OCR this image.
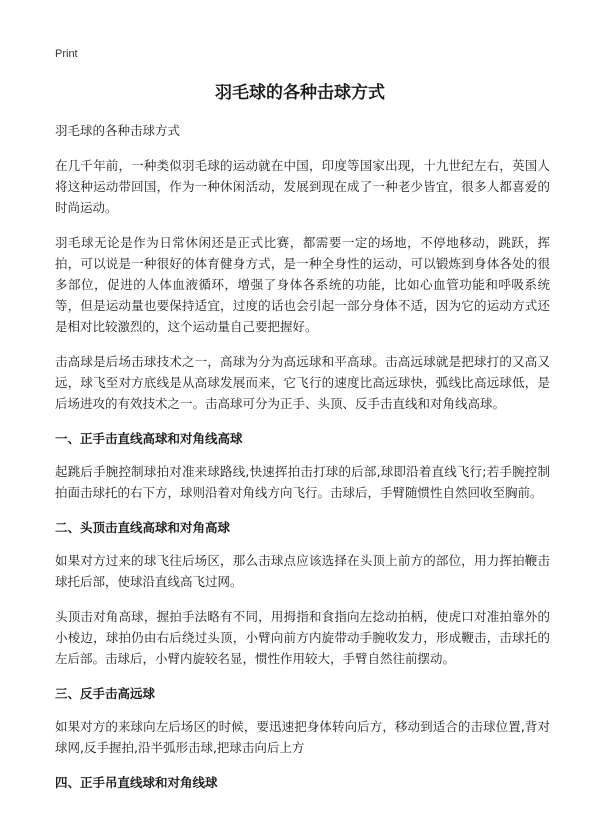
Print
羽毛球的各种击球方式

羽毛球的各种击球方式

在几千年前，一种类似羽毛球的运动就在中国，印度等国家出现，十九世纪左右，英国人将这种运动带回国，作为一种休闲活动，发展到现在成了一种老少皆宜，很多人都喜爱的时尚运动。

羽毛球无论是作为日常休闲还是正式比赛，都需要一定的场地，不停地移动，跳跃，挥拍，可以说是一种很好的体育健身方式，是一种全身性的运动，可以锻炼到身体各处的很多部位，促进的人体血液循环，增强了身体各系统的功能，比如心血管功能和呼吸系统等，但是运动量也要保持适宜，过度的话也会引起一部分身体不适，因为它的运动方式还是相对比较激烈的，这个运动量自己要把握好。

击高球是后场击球技术之一，高球为分为高远球和平高球。击高远球就是把球打的又高又远，球飞至对方底线是从高球发展而来，它飞行的速度比高远球快，弧线比高远球低，是后场进攻的有效技术之一。击高球可分为正手、头顶、反手击直线和对角线高球。

一、正手击直线高球和对角线高球

起跳后手腕控制球拍对准来球路线,快速挥拍击打球的后部,球即沿着直线飞行;若手腕控制拍面击球托的右下方，球则沿着对角线方向飞行。击球后，手臂随惯性自然回收至胸前。

二、头顶击直线高球和对角高球

如果对方过来的球飞往后场区，那么击球点应该选择在头顶上前方的部位，用力挥拍鞭击球托后部，使球沿直线高飞过网。

头顶击对角高球，握拍手法略有不同，用拇指和食指向左捻动拍柄，使虎口对准拍靠外的小棱边，球拍仍由右后绕过头顶，小臂向前方内旋带动手腕收发力，形成鞭击，击球托的左后部。击球后，小臂内旋较名显，惯性作用较大，手臂自然往前摆动。

三、反手击高远球

如果对方的来球向左后场区的时候，要迅速把身体转向后方，移动到适合的击球位置,背对球网,反手握拍,沿半弧形击球,把球击向后上方

四、正手吊直线球和对角线球
